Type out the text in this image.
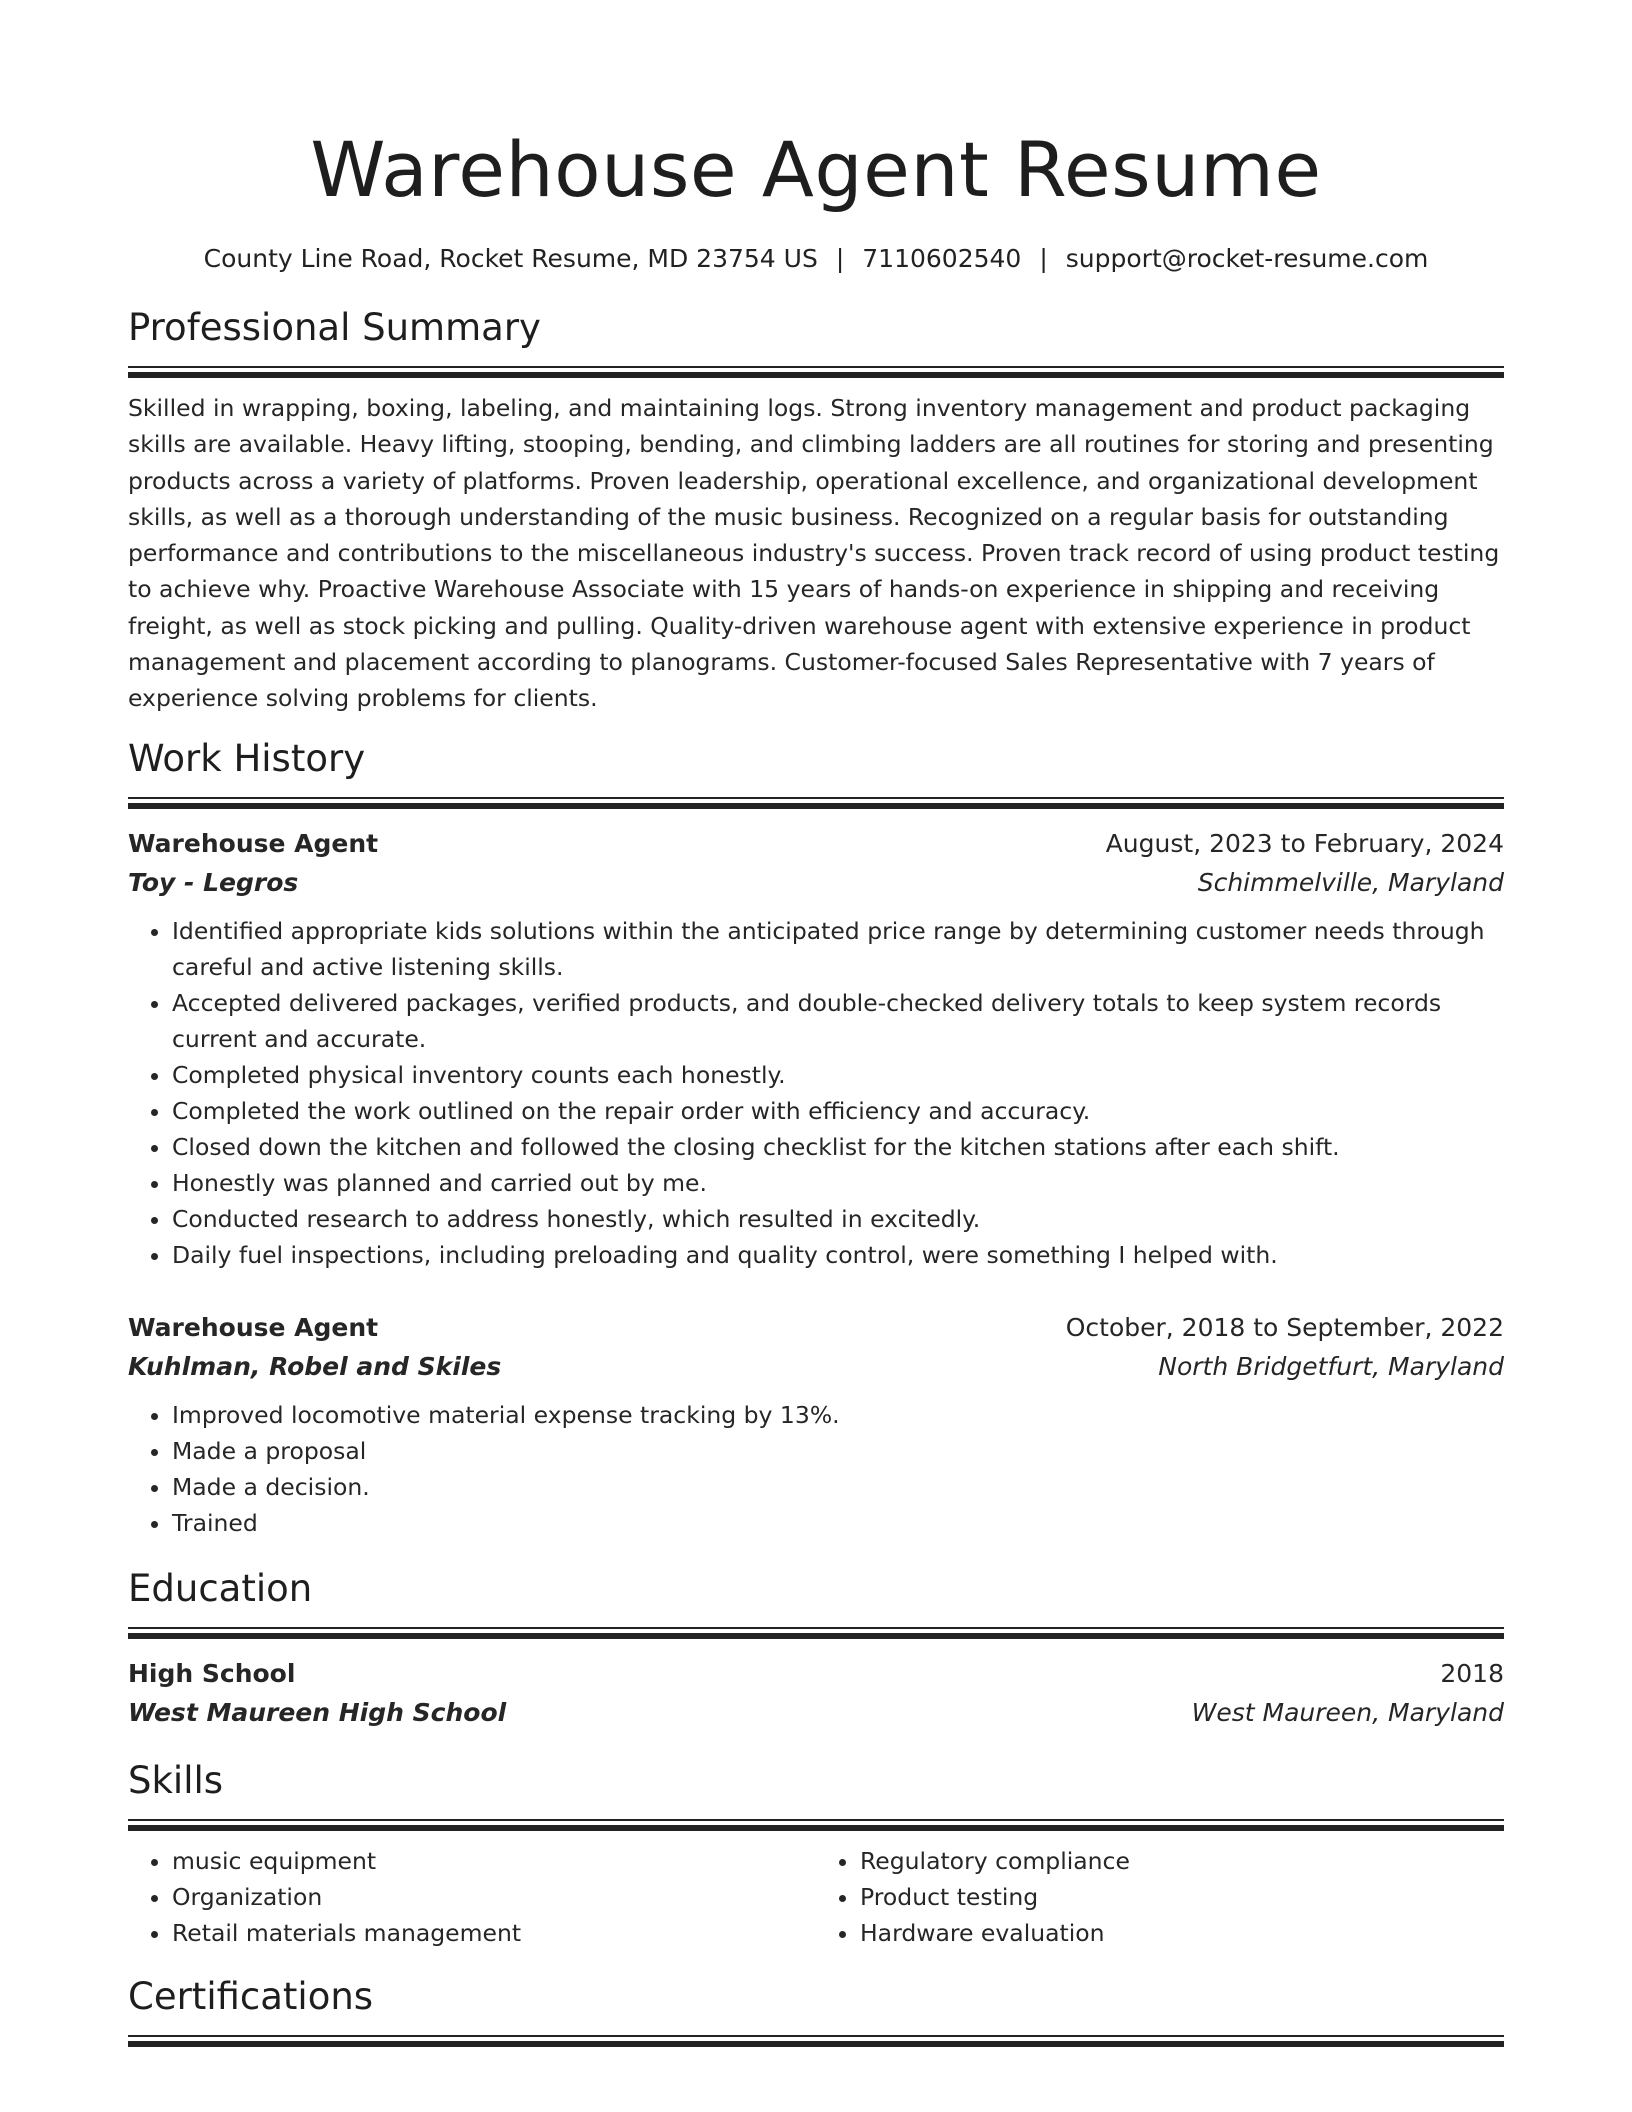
Warehouse Agent Resume
County Line Road, Rocket Resume, MD 23754 US | 7110602540 | support@rocket-resume.com
Professional Summary
Skilled in wrapping, boxing, labeling, and maintaining logs. Strong inventory management and product packaging skills are available. Heavy lifting, stooping, bending, and climbing ladders are all routines for storing and presenting products across a variety of platforms. Proven leadership, operational excellence, and organizational development skills, as well as a thorough understanding of the music business. Recognized on a regular basis for outstanding performance and contributions to the miscellaneous industry's success. Proven track record of using product testing to achieve why. Proactive Warehouse Associate with 15 years of hands-on experience in shipping and receiving freight, as well as stock picking and pulling. Quality-driven warehouse agent with extensive experience in product management and placement according to planograms. Customer-focused Sales Representative with 7 years of experience solving problems for clients.
Work History
Warehouse Agent	August, 2023 to February, 2024
Toy - Legros	Schimmelville, Maryland
• Identified appropriate kids solutions within the anticipated price range by determining customer needs through careful and active listening skills.
• Accepted delivered packages, verified products, and double-checked delivery totals to keep system records current and accurate.
• Completed physical inventory counts each honestly.
• Completed the work outlined on the repair order with efficiency and accuracy.
• Closed down the kitchen and followed the closing checklist for the kitchen stations after each shift.
• Honestly was planned and carried out by me.
• Conducted research to address honestly, which resulted in excitedly.
• Daily fuel inspections, including preloading and quality control, were something I helped with.
Warehouse Agent	October, 2018 to September, 2022
Kuhlman, Robel and Skiles	North Bridgetfurt, Maryland
• Improved locomotive material expense tracking by 13%.
• Made a proposal
• Made a decision.
• Trained
Education
High School	2018
West Maureen High School	West Maureen, Maryland
Skills
• music equipment
• Organization
• Retail materials management
• Regulatory compliance
• Product testing
• Hardware evaluation
Certifications
